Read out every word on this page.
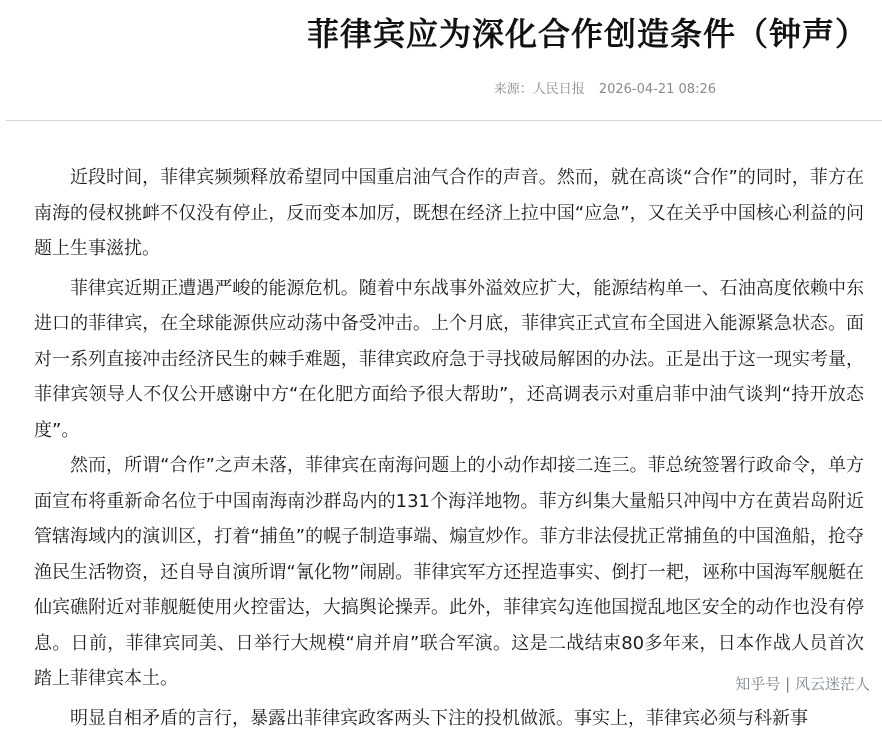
菲律宾应为深化合作创造条件（钟声）
来源：人民日报 2026-04-21 08:26

近段时间，菲律宾频频释放希望同中国重启油气合作的声音。然而，就在高谈“合作”的同时，菲方在南海的侵权挑衅不仅没有停止，反而变本加厉，既想在经济上拉中国“应急”，又在关乎中国核心利益的问题上生事滋扰。

菲律宾近期正遭遇严峻的能源危机。随着中东战事外溢效应扩大，能源结构单一、石油高度依赖中东进口的菲律宾，在全球能源供应动荡中备受冲击。上个月底，菲律宾正式宣布全国进入能源紧急状态。面对一系列直接冲击经济民生的棘手难题，菲律宾政府急于寻找破局解困的办法。正是出于这一现实考量，菲律宾领导人不仅公开感谢中方“在化肥方面给予很大帮助”，还高调表示对重启菲中油气谈判“持开放态度”。

然而，所谓“合作”之声未落，菲律宾在南海问题上的小动作却接二连三。菲总统签署行政命令，单方面宣布将重新命名位于中国南海南沙群岛内的131个海洋地物。菲方纠集大量船只冲闯中方在黄岩岛附近管辖海域内的演训区，打着“捕鱼”的幌子制造事端、煽宣炒作。菲方非法侵扰正常捕鱼的中国渔船，抢夺渔民生活物资，还自导自演所谓“氰化物”闹剧。菲律宾军方还捏造事实、倒打一耙，诬称中国海军舰艇在仙宾礁附近对菲舰艇使用火控雷达，大搞舆论操弄。此外，菲律宾勾连他国搅乱地区安全的动作也没有停息。日前，菲律宾同美、日举行大规模“肩并肩”联合军演。这是二战结束80多年来，日本作战人员首次踏上菲律宾本土。

明显自相矛盾的言行，暴露出菲律宾政客两头下注的投机做派。事实上，菲律宾必须与科新事

知乎号 | 风云迷茫人
